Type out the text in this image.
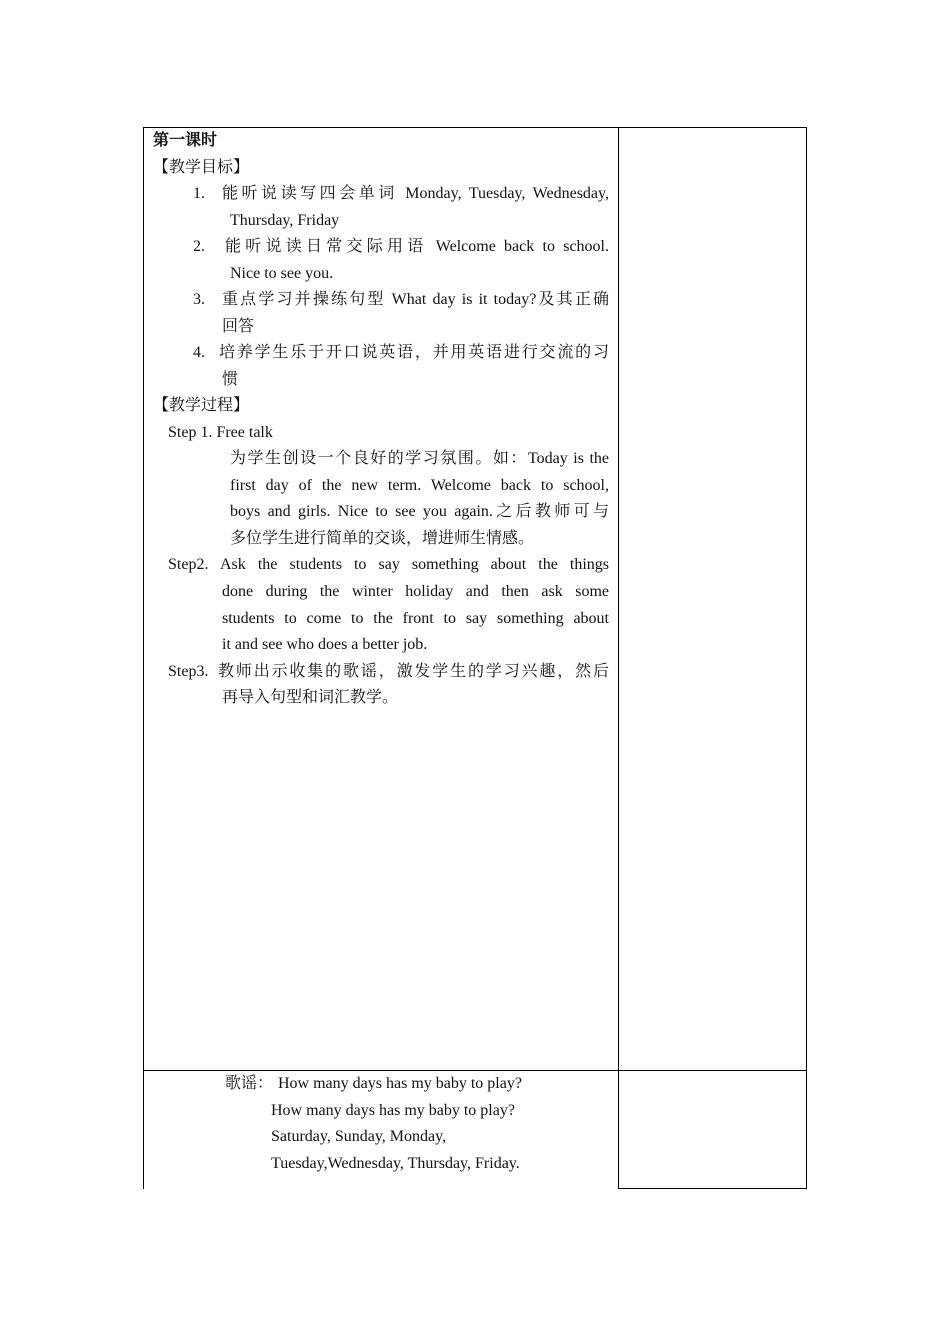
第一课时
【教学目标】
1. 能听说读写四会单词 Monday, Tuesday, Wednesday,
Thursday, Friday
2. 能听说读日常交际用语 Welcome back to school.
Nice to see you.
3. 重点学习并操练句型 What day is it today?及其正确
回答
4. 培养学生乐于开口说英语，并用英语进行交流的习
惯
【教学过程】
Step 1. Free talk
为学生创设一个良好的学习氛围。如：Today is the
first day of the new term. Welcome back to school,
boys and girls. Nice to see you again.之后教师可与
多位学生进行简单的交谈，增进师生情感。
Step2. Ask the students to say something about the things
done during the winter holiday and then ask some
students to come to the front to say something about
it and see who does a better job.
Step3. 教师出示收集的歌谣，激发学生的学习兴趣，然后
再导入句型和词汇教学。
歌谣： How many days has my baby to play?
How many days has my baby to play?
Saturday, Sunday, Monday,
Tuesday,Wednesday, Thursday, Friday.
